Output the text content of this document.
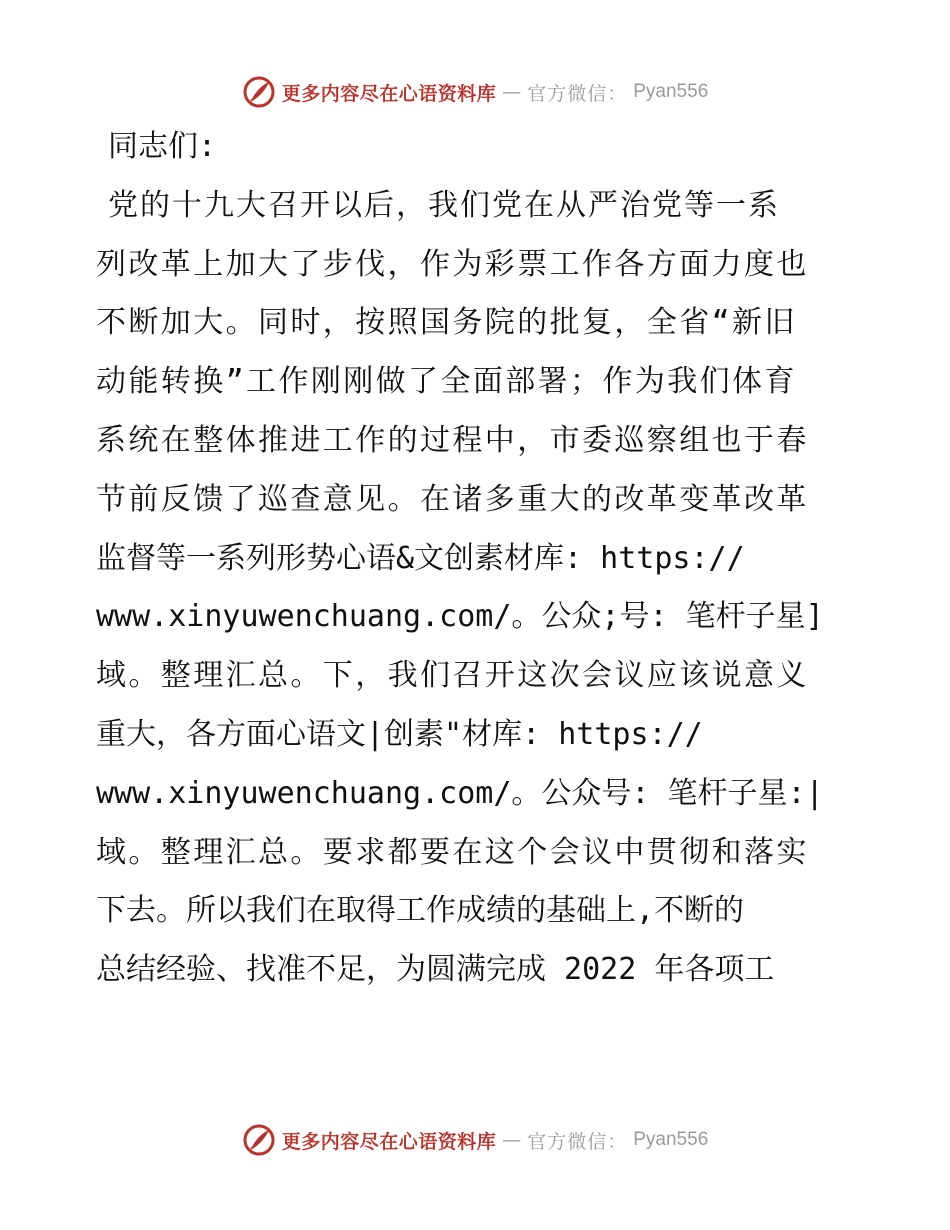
更多内容尽在心语资料库 — 官方微信： Pyan556
同志们:
党的十九大召开以后，我们党在从严治党等一系
列改革上加大了步伐，作为彩票工作各方面力度也
不断加大。同时，按照国务院的批复，全省“新旧
动能转换”工作刚刚做了全面部署；作为我们体育
系统在整体推进工作的过程中，市委巡察组也于春
节前反馈了巡查意见。在诸多重大的改革变革改革
监督等一系列形势心语&文创素材库: https://
www.xinyuwenchuang.com/。公众;号: 笔杆子星]
域。整理汇总。下，我们召开这次会议应该说意义
重大，各方面心语文|创素"材库: https://
www.xinyuwenchuang.com/。公众号: 笔杆子星:|
域。整理汇总。要求都要在这个会议中贯彻和落实
下去。所以我们在取得工作成绩的基础上,不断的
总结经验、找准不足，为圆满完成 2022 年各项工
更多内容尽在心语资料库 — 官方微信： Pyan556
